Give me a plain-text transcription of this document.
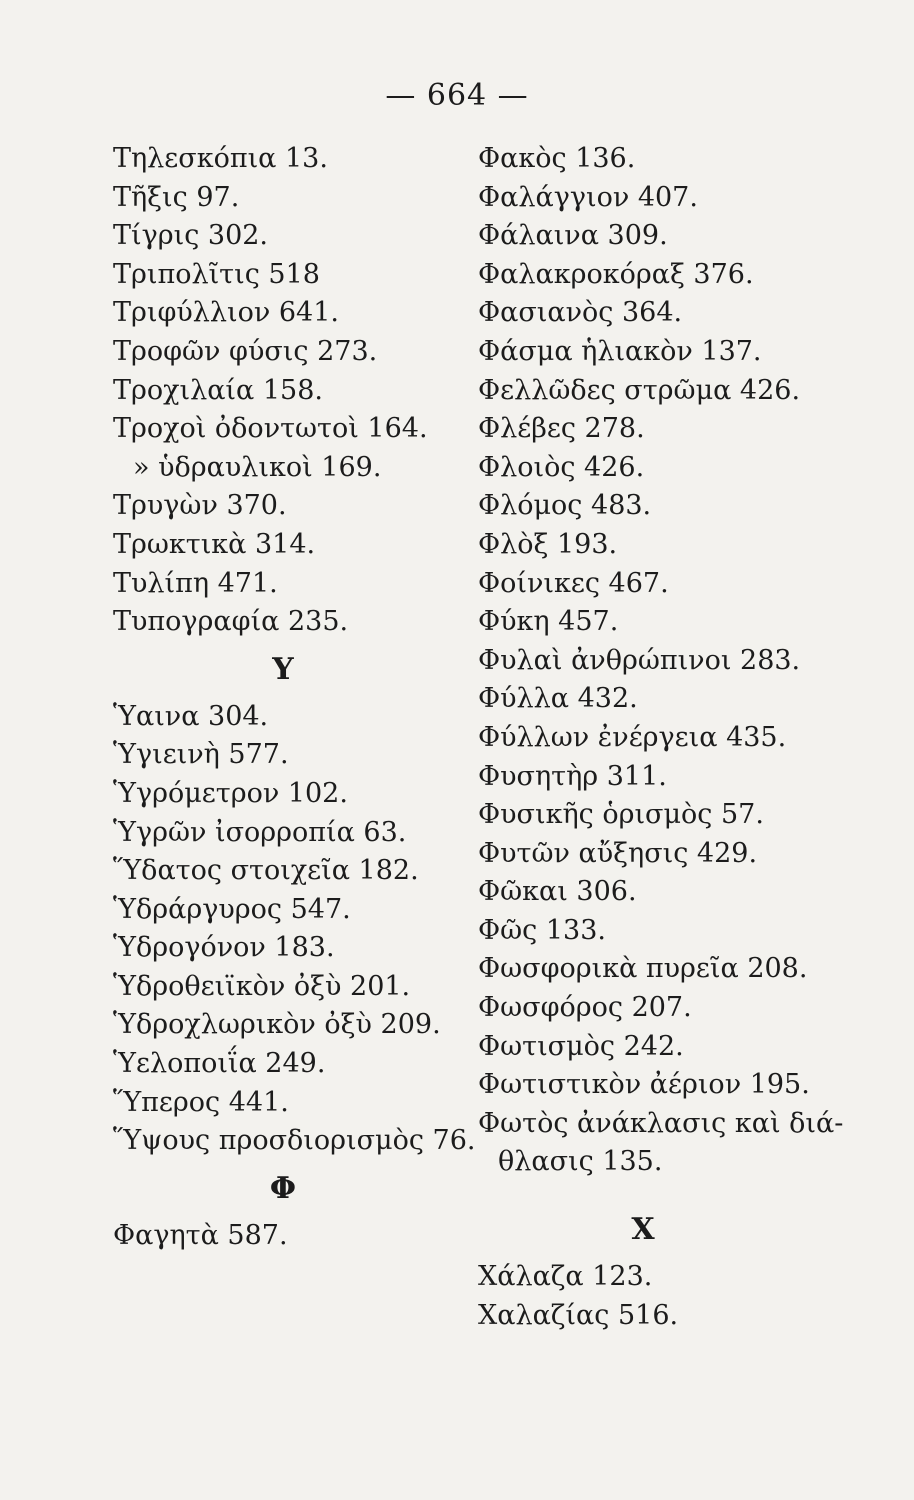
— 664 —
Τηλεσκόπια 13.
Τῆξις 97.
Τίγρις 302.
Τριπολῖτις 518
Τριφύλλιον 641.
Τροφῶν φύσις 273.
Τροχιλαία 158.
Τροχοὶ ὀδοντωτοὶ 164.
» ὑδραυλικοὶ 169.
Τρυγὼν 370.
Τρωκτικὰ 314.
Τυλίπη 471.
Τυπογραφία 235.
Υ
Ὑαινα 304.
Ὑγιεινὴ 577.
Ὑγρόμετρον 102.
Ὑγρῶν ἰσορροπία 63.
Ὕδατος στοιχεῖα 182.
Ὑδράργυρος 547.
Ὑδρογόνον 183.
Ὑδροθειϊκὸν ὀξὺ 201.
Ὑδροχλωρικὸν ὀξὺ 209.
Ὑελοποιΐα 249.
Ὕπερος 441.
Ὕψους προσδιορισμὸς 76.
Φ
Φαγητὰ 587.
Φακὸς 136.
Φαλάγγιον 407.
Φάλαινα 309.
Φαλακροκόραξ 376.
Φασιανὸς 364.
Φάσμα ἡλιακὸν 137.
Φελλῶδες στρῶμα 426.
Φλέβες 278.
Φλοιὸς 426.
Φλόμος 483.
Φλὸξ 193.
Φοίνικες 467.
Φύκη 457.
Φυλαὶ ἀνθρώπινοι 283.
Φύλλα 432.
Φύλλων ἐνέργεια 435.
Φυσητὴρ 311.
Φυσικῆς ὁρισμὸς 57.
Φυτῶν αὔξησις 429.
Φῶκαι 306.
Φῶς 133.
Φωσφορικὰ πυρεῖα 208.
Φωσφόρος 207.
Φωτισμὸς 242.
Φωτιστικὸν ἀέριον 195.
Φωτὸς ἀνάκλασις καὶ διά-
θλασις 135.
Χ
Χάλαζα 123.
Χαλαζίας 516.
